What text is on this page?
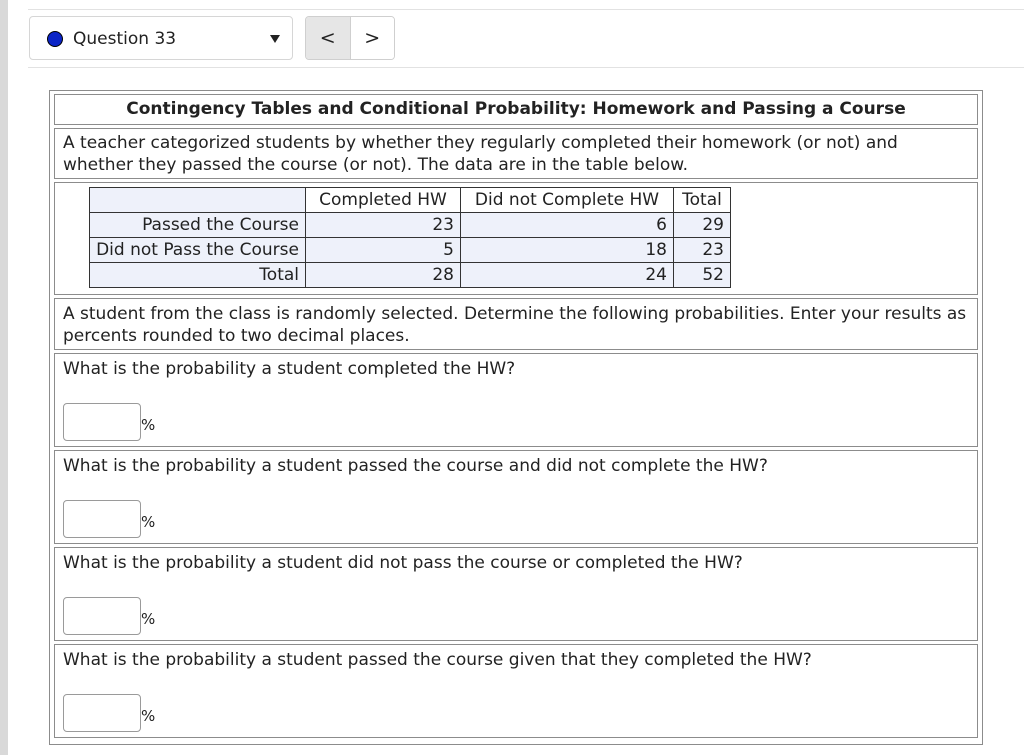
Question 33	<	>
Contingency Tables and Conditional Probability: Homework and Passing a Course
A teacher categorized students by whether they regularly completed their homework (or not) and whether they passed the course (or not). The data are in the table below.
	Completed HW	Did not Complete HW	Total
Passed the Course	23	6	29
Did not Pass the Course	5	18	23
Total	28	24	52
A student from the class is randomly selected. Determine the following probabilities. Enter your results as percents rounded to two decimal places.
What is the probability a student completed the HW?
%
What is the probability a student passed the course and did not complete the HW?
%
What is the probability a student did not pass the course or completed the HW?
%
What is the probability a student passed the course given that they completed the HW?
%
